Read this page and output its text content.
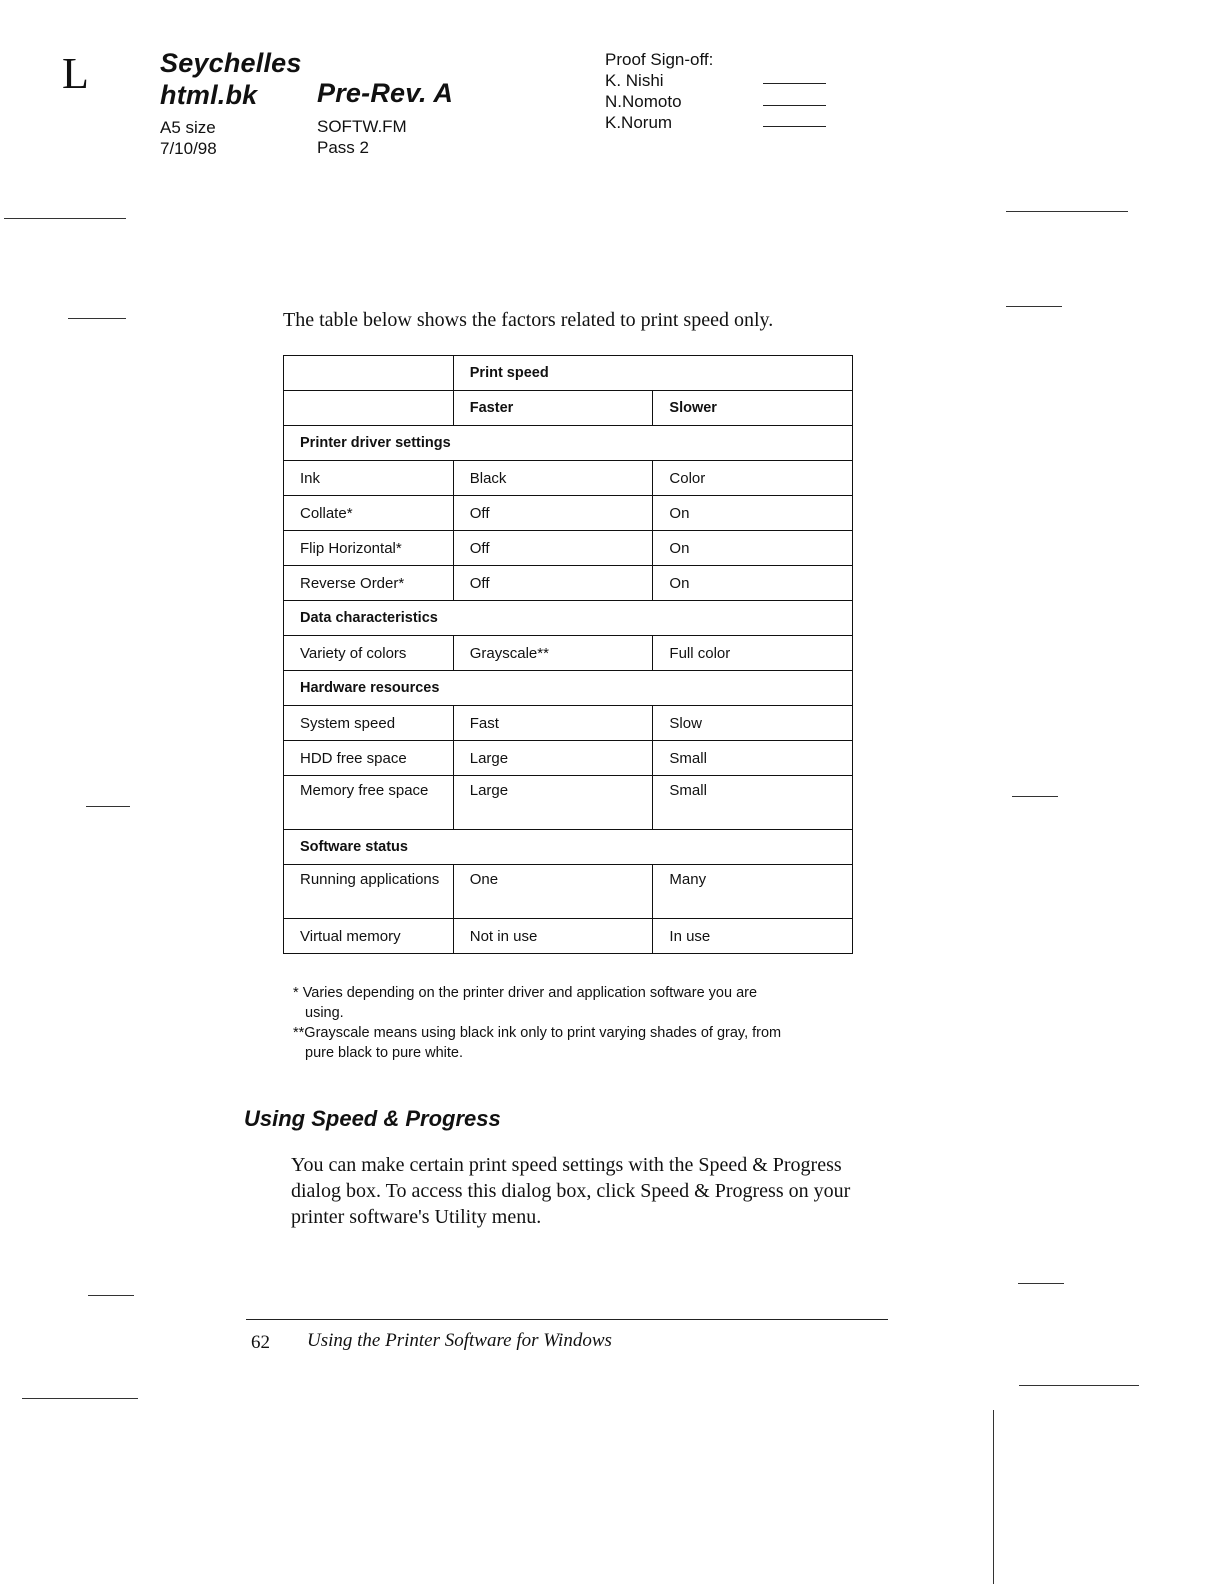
L	Seychelles
html.bk Pre-Rev. A
A5 size
7/10/98
SOFTW.FM
Pass 2
Proof Sign-off:
K. Nishi
N.Nomoto
K.Norum
The table below shows the factors related to print speed only.
	Print speed	
	Faster	Slower
Printer driver settings		
Ink	Black	Color
Collate*	Off	On
Flip Horizontal*	Off	On
Reverse Order*	Off	On
Data characteristics		
Variety of colors	Grayscale**	Full color
Hardware resources		
System speed	Fast	Slow
HDD free space	Large	Small
Memory free space	Large	Small
Software status		
Running applications	One	Many
Virtual memory	Not in use	In use
* Varies depending on the printer driver and application software you are
using.
**Grayscale means using black ink only to print varying shades of gray, from
pure black to pure white.
Using Speed & Progress
You can make certain print speed settings with the Speed & Progress dialog box. To access this dialog box, click Speed & Progress on your printer software's Utility menu.
62 Using the Printer Software for Windows
